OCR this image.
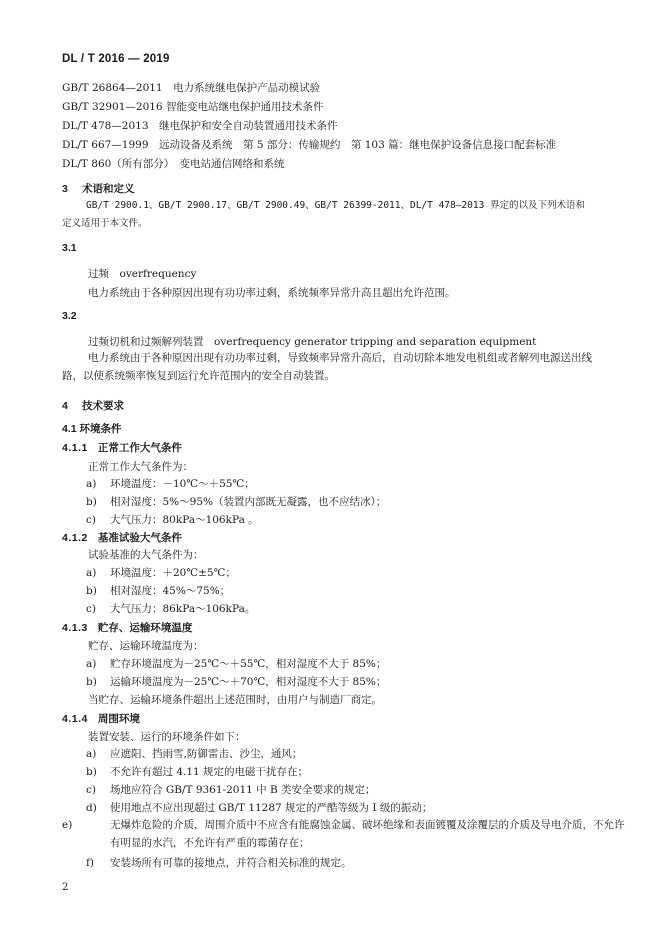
DL / T 2016 — 2019
GB/T 26864—2011　电力系统继电保护产品动模试验
GB/T 32901—2016 智能变电站继电保护通用技术条件
DL/T 478—2013　继电保护和安全自动装置通用技术条件
DL/T 667—1999　远动设备及系统　第 5 部分：传输规约　第 103 篇：继电保护设备信息接口配套标准
DL/T 860（所有部分）　变电站通信网络和系统
3 术语和定义
GB/T 2900.1、GB/T 2900.17、GB/T 2900.49、GB/T 26399-2011、DL/T 478—2013 界定的以及下列术语和定义适用于本文件。
3.1
过频　overfrequency
电力系统由于各种原因出现有功功率过剩，系统频率异常升高且超出允许范围。
3.2
过频切机和过频解列装置　overfrequency generator tripping and separation equipment
电力系统由于各种原因出现有功功率过剩，导致频率异常升高后，自动切除本地发电机组或者解列电源送出线路，以使系统频率恢复到运行允许范围内的安全自动装置。
4 技术要求
4.1 环境条件
4.1.1 正常工作大气条件
正常工作大气条件为：
a) 环境温度：－10℃～＋55℃；
b) 相对湿度：5%～95%（装置内部既无凝露，也不应结冰）；
c) 大气压力：80kPa～106kPa 。
4.1.2 基准试验大气条件
试验基准的大气条件为：
a) 环境温度：＋20℃±5℃；
b) 相对湿度：45%～75%；
c) 大气压力：86kPa～106kPa。
4.1.3 贮存、运输环境温度
贮存、运输环境温度为：
a) 贮存环境温度为－25℃～＋55℃，相对湿度不大于 85%；
b) 运输环境温度为－25℃～＋70℃，相对湿度不大于 85%；
当贮存、运输环境条件超出上述范围时，由用户与制造厂商定。
4.1.4 周围环境
装置安装、运行的环境条件如下：
a) 应遮阳、挡雨雪,防御雷击、沙尘，通风；
b) 不允许有超过 4.11 规定的电磁干扰存在；
c) 场地应符合 GB/T 9361-2011 中 B 类安全要求的规定；
d) 使用地点不应出现超过 GB/T 11287 规定的严酷等级为 I 级的振动；
e)	无爆炸危险的介质，周围介质中不应含有能腐蚀金属、破坏绝缘和表面镀覆及涂覆层的介质及导电介质，不允许有明显的水汽，不允许有严重的霉菌存在；
f) 安装场所有可靠的接地点，并符合相关标准的规定。
2
